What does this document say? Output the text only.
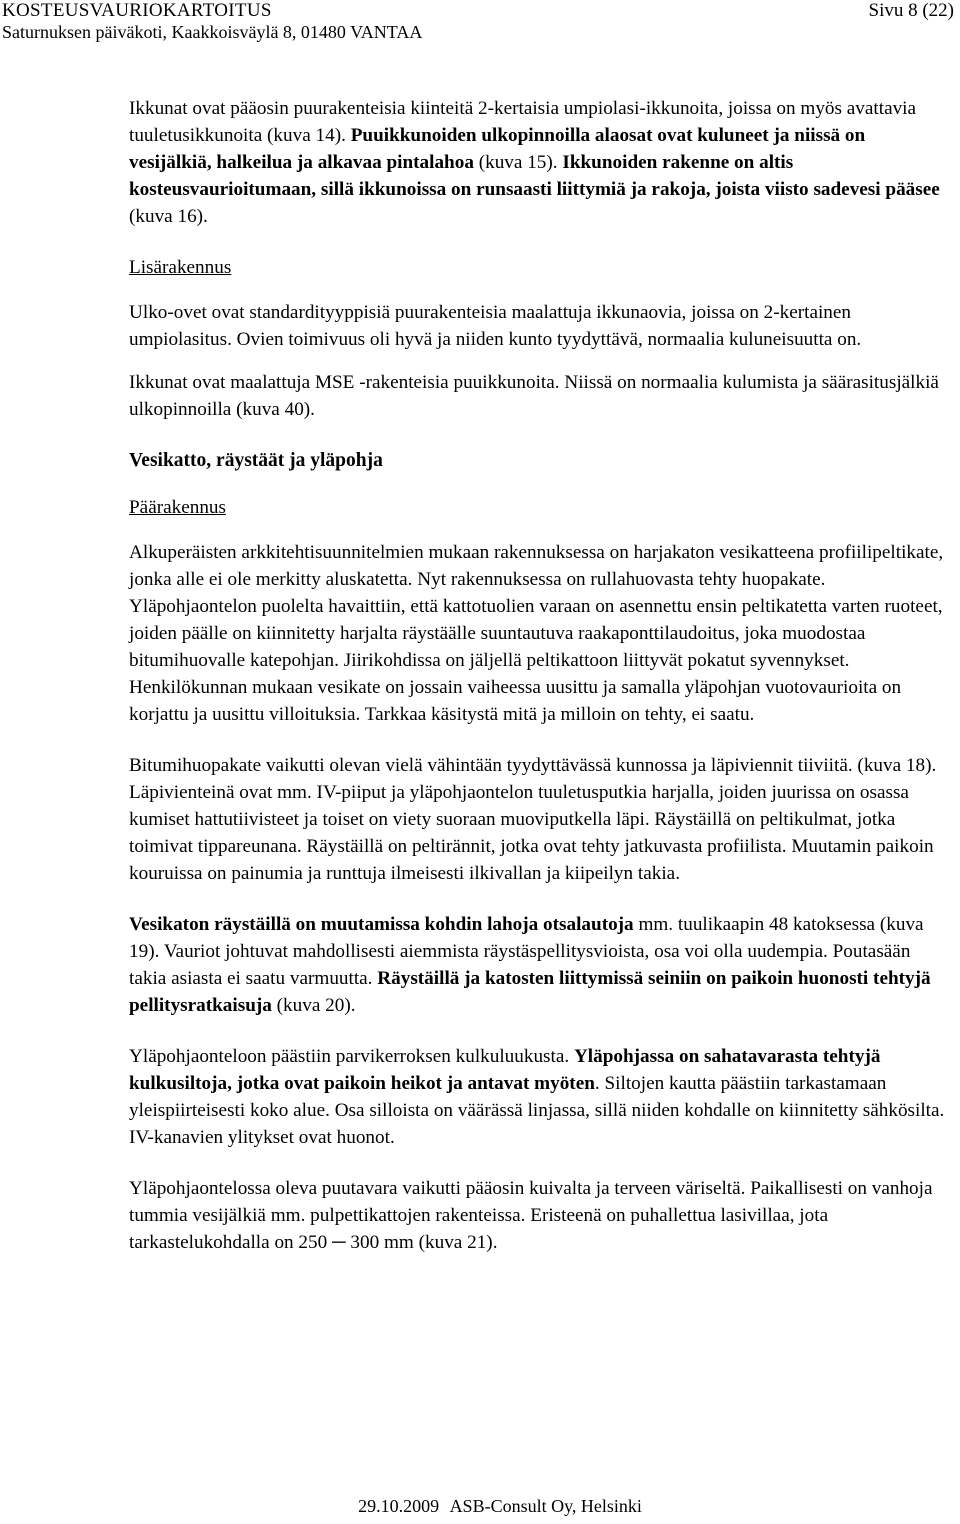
KOSTEUSVAURIOKARTOITUS	Sivu 8 (22)
Saturnuksen päiväkoti, Kaakkoisväylä 8, 01480 VANTAA

Ikkunat ovat pääosin puurakenteisia kiinteitä 2-kertaisia umpiolasi-ikkunoita, joissa on myös avattavia tuuletusikkunoita (kuva 14). Puuikkunoiden ulkopinnoilla alaosat ovat kuluneet ja niissä on vesijälkiä, halkeilua ja alkavaa pintalahoa (kuva 15). Ikkunoiden rakenne on altis kosteusvaurioitumaan, sillä ikkunoissa on runsaasti liittymiä ja rakoja, joista viisto sadevesi pääsee (kuva 16).

Lisärakennus

Ulko-ovet ovat standardityyppisiä puurakenteisia maalattuja ikkunaovia, joissa on 2-kertainen umpiolasitus. Ovien toimivuus oli hyvä ja niiden kunto tyydyttävä, normaalia kuluneisuutta on.

Ikkunat ovat maalattuja MSE -rakenteisia puuikkunoita. Niissä on normaalia kulumista ja säärasitusjälkiä ulkopinnoilla (kuva 40).

Vesikatto, räystäät ja yläpohja

Päärakennus

Alkuperäisten arkkitehtisuunnitelmien mukaan rakennuksessa on harjakaton vesikatteena profiilipeltikate, jonka alle ei ole merkitty aluskatetta. Nyt rakennuksessa on rullahuovasta tehty huopakate. Yläpohjaontelon puolelta havaittiin, että kattotuolien varaan on asennettu ensin peltikatetta varten ruoteet, joiden päälle on kiinnitetty harjalta räystäälle suuntautuva raakaponttilaudoitus, joka muodostaa bitumihuovalle katepohjan. Jiirikohdissa on jäljellä peltikattoon liittyvät pokatut syvennykset. Henkilökunnan mukaan vesikate on jossain vaiheessa uusittu ja samalla yläpohjan vuotovaurioita on korjattu ja uusittu villoituksia. Tarkkaa käsitystä mitä ja milloin on tehty, ei saatu.

Bitumihuopakate vaikutti olevan vielä vähintään tyydyttävässä kunnossa ja läpiviennit tiiviitä. (kuva 18). Läpivienteinä ovat mm. IV-piiput ja yläpohjaontelon tuuletusputkia harjalla, joiden juurissa on osassa kumiset hattutiivisteet ja toiset on viety suoraan muoviputkella läpi. Räystäillä on peltikulmat, jotka toimivat tippareunana. Räystäillä on peltirännit, jotka ovat tehty jatkuvasta profiilista. Muutamin paikoin kouruissa on painumia ja runttuja ilmeisesti ilkivallan ja kiipeilyn takia.

Vesikaton räystäillä on muutamissa kohdin lahoja otsalautoja mm. tuulikaapin 48 katoksessa (kuva 19). Vauriot johtuvat mahdollisesti aiemmista räystäspellitysvioista, osa voi olla uudempia. Poutasään takia asiasta ei saatu varmuutta. Räystäillä ja katosten liittymissä seiniin on paikoin huonosti tehtyjä pellitysratkaisuja (kuva 20).

Yläpohjaonteloon päästiin parvikerroksen kulkuluukusta. Yläpohjassa on sahatavarasta tehtyjä kulkusiltoja, jotka ovat paikoin heikot ja antavat myöten. Siltojen kautta päästiin tarkastamaan yleispiirteisesti koko alue. Osa silloista on väärässä linjassa, sillä niiden kohdalle on kiinnitetty sähkösilta. IV-kanavien ylitykset ovat huonot.

Yläpohjaontelossa oleva puutavara vaikutti pääosin kuivalta ja terveen väriseltä. Paikallisesti on vanhoja tummia vesijälkiä mm. pulpettikattojen rakenteissa. Eristeenä on puhallettua lasivillaa, jota tarkastelukohdalla on 250 ─ 300 mm (kuva 21).

29.10.2009 ASB-Consult Oy, Helsinki
